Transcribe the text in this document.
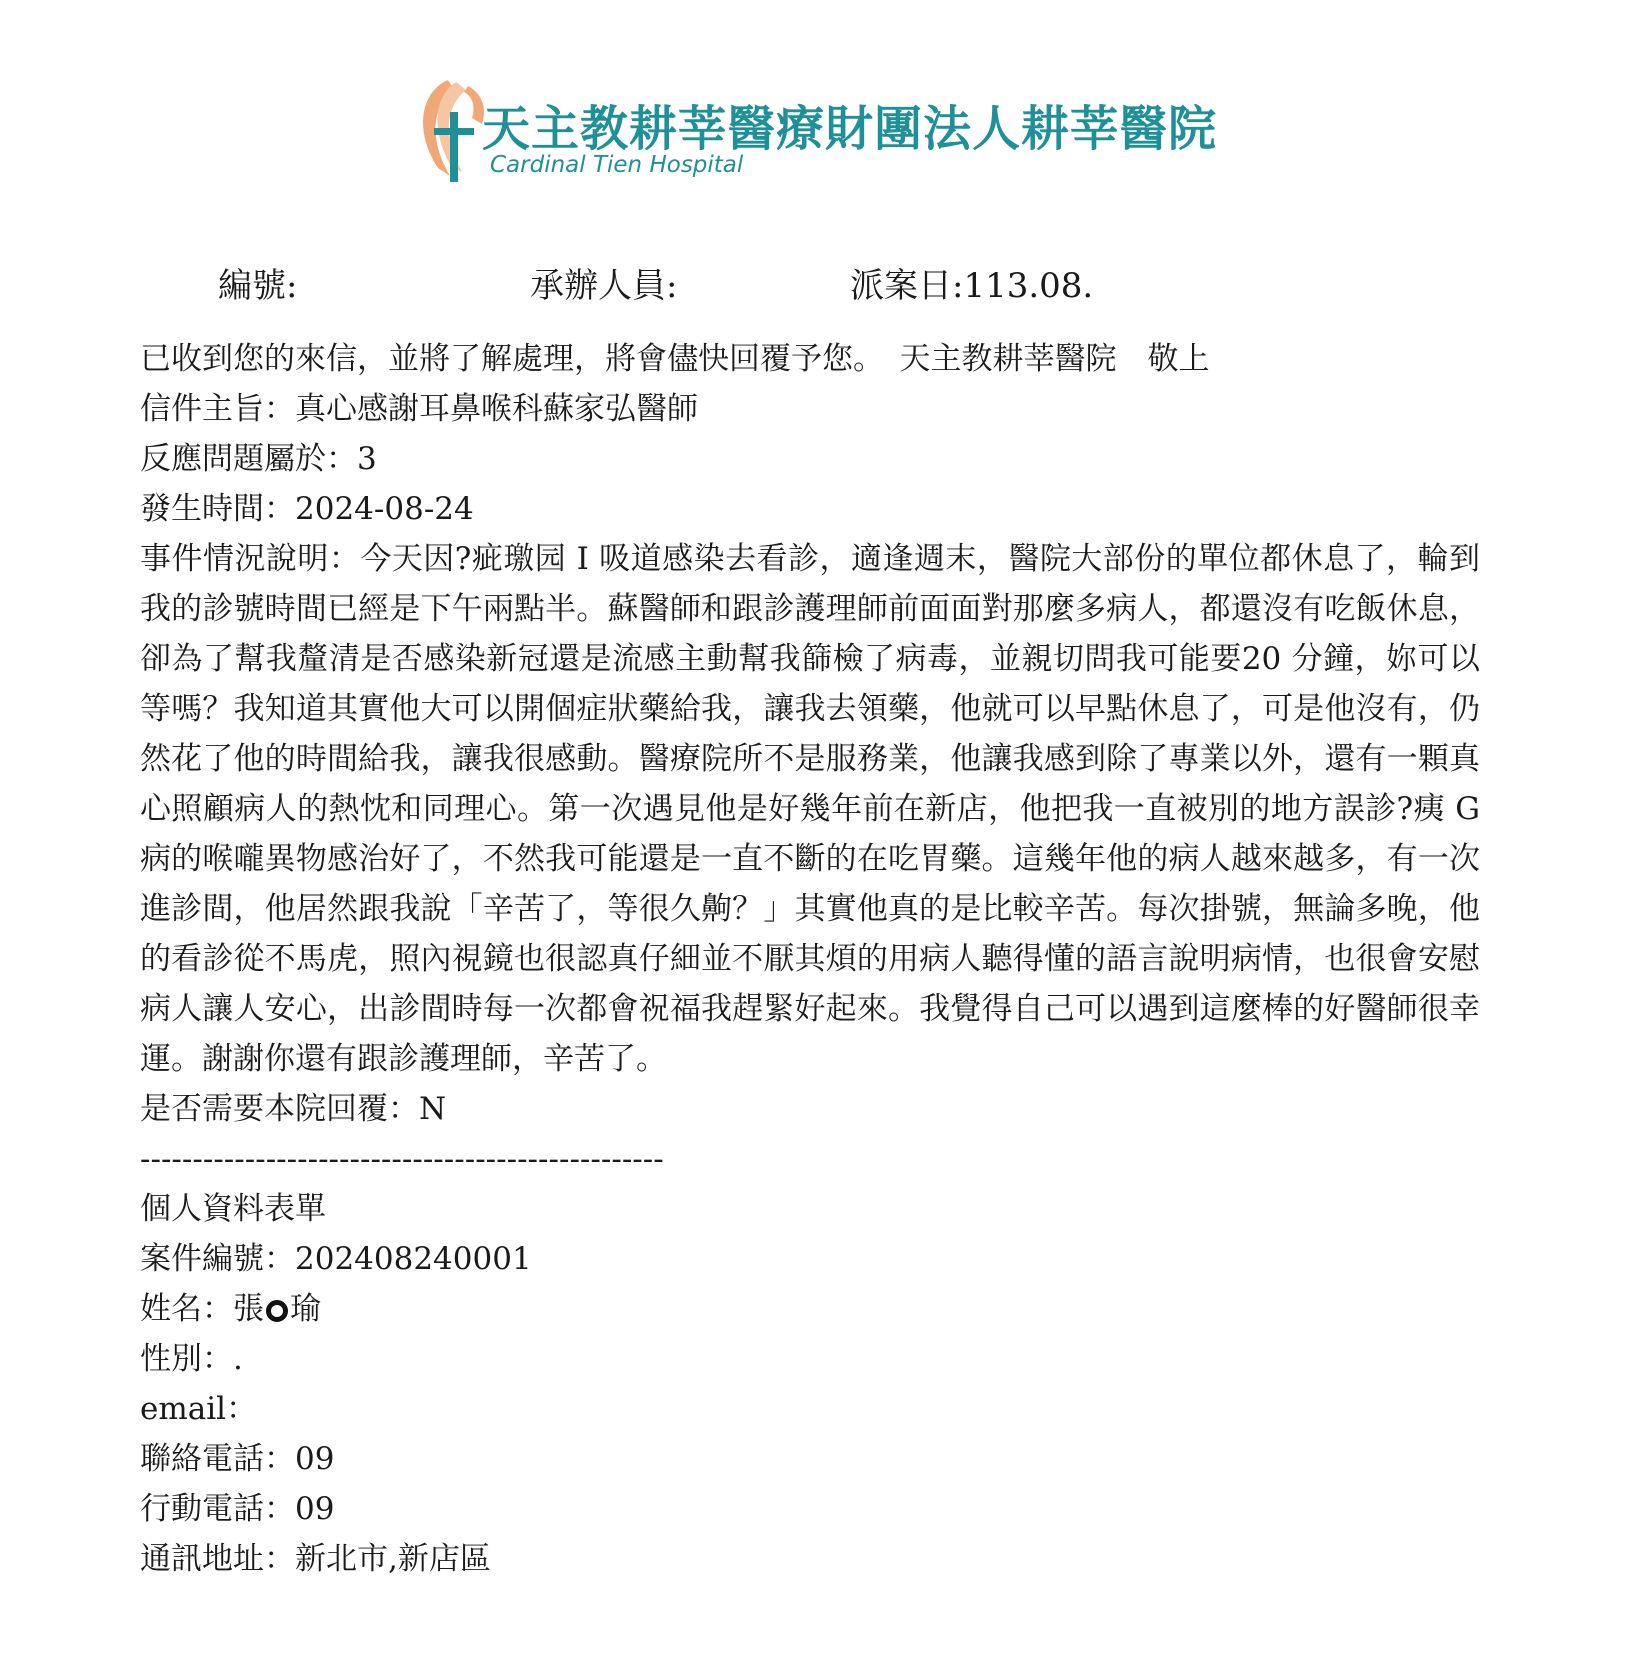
天主教耕莘醫療財團法人耕莘醫院
Cardinal Tien Hospital
編號:	承辦人員:	派案日:113.08.
已收到您的來信，並將了解處理，將會儘快回覆予您。　天主教耕莘醫院　敬上
信件主旨：真心感謝耳鼻喉科蘇家弘醫師
反應問題屬於：3
發生時間：2024-08-24
事件情況說明：今天因?疵璬园 I 吸道感染去看診，適逢週末，醫院大部份的單位都休息了，輪到我的診號時間已經是下午兩點半。蘇醫師和跟診護理師前面面對那麼多病人，都還沒有吃飯休息，卻為了幫我釐清是否感染新冠還是流感主動幫我篩檢了病毒，並親切問我可能要20 分鐘，妳可以等嗎？我知道其實他大可以開個症狀藥給我，讓我去領藥，他就可以早點休息了，可是他沒有，仍然花了他的時間給我，讓我很感動。醫療院所不是服務業，他讓我感到除了專業以外，還有一顆真心照顧病人的熱忱和同理心。第一次遇見他是好幾年前在新店，他把我一直被別的地方誤診?痍 G 病的喉嚨異物感治好了，不然我可能還是一直不斷的在吃胃藥。這幾年他的病人越來越多，有一次進診間，他居然跟我說「辛苦了，等很久齁？」其實他真的是比較辛苦。每次掛號，無論多晚，他的看診從不馬虎，照內視鏡也很認真仔細並不厭其煩的用病人聽得懂的語言說明病情，也很會安慰病人讓人安心，出診間時每一次都會祝福我趕緊好起來。我覺得自己可以遇到這麼棒的好醫師很幸運。謝謝你還有跟診護理師，辛苦了。
是否需要本院回覆：N
--------------------------------------------------
個人資料表單
案件編號：202408240001
姓名：張 瑜
性別：.
email：
聯絡電話：09
行動電話：09
通訊地址：新北市,新店區
